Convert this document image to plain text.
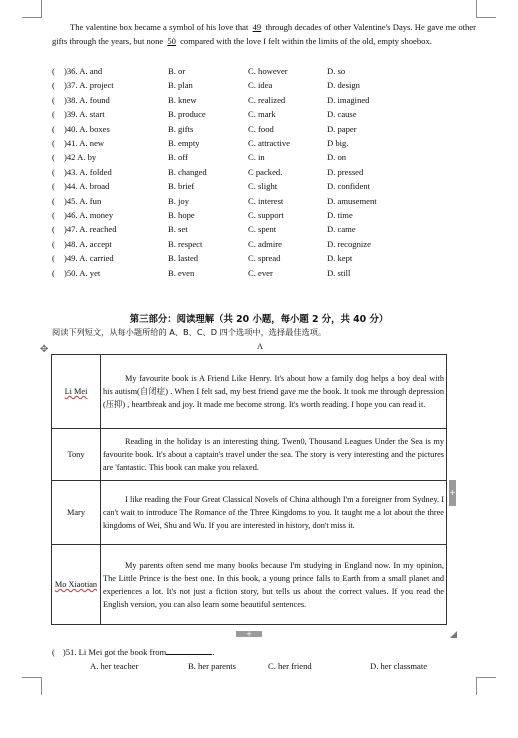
The valentine box became a symbol of his love that 49 through decades of other Valentine's Days. He gave me other gifts through the years, but none 50 compared with the love I felt within the limits of the old, empty shoebox.
( )36. A. and	B. or	C. however	D. so
( )37. A. project	B. plan	C. idea	D. design
( )38. A. found	B. knew	C. realized	D. imagined
( )39. A. start	B. produce	C. mark	D. cause
( )40. A. boxes	B. gifts	C. food	D. paper
( )41. A. new	B. empty	C. attractive	D big.
( )42 A. by	B. off	C. in	D. on
( )43. A. folded	B. changed	C packed.	D. pressed
( )44. A. broad	B. brief	C. slight	D. confident
( )45. A. fun	B. joy	C. interest	D. amusement
( )46. A. money	B. hope	C. support	D. time
( )47. A. reached	B. set	C. spent	D. came
( )48. A. accept	B. respect	C. admire	D. recognize
( )49. A. carried	B. lasted	C. spread	D. kept
( )50. A. yet	B. even	C. ever	D. still
第三部分：阅读理解（共 20 小题，每小题 2 分，共 40 分）
阅读下列短文，从每小题所给的 A、B、C、D 四个选项中，选择最佳选项。
A
✥
Li Mei	My favourite book is A Friend Like Henry. It's about how a family dog helps a boy deal with his autism(自闭症) . When I felt sad, my best friend gave me the book. It took me through depression (压抑) , heartbreak and joy. It made me become strong. It's worth reading. I hope you can read it.
Tony	Reading in the holiday is an interesting thing. Twen0, Thousand Leagues Under the Sea is my favourite book. It's about a captain's travel under the sea. The story is very interesting and the pictures are 'fantastic. This book can make you relaxed.
Mary	I like reading the Four Great Classical Novels of China although I'm a foreigner from Sydney. I can't wait to introduce The Romance of the Three Kingdoms to you. It taught me a lot about the three kingdoms of Wei, Shu and Wu. If you are interested in history, don't miss it.
Mo Xiaotian	My parents often send me many books because I'm studying in England now. In my opinion, The Little Prince is the best one. In this book, a young prince falls to Earth from a small planet and experiences a lot. It's not just a fiction story, but tells us about the correct values. If you read the English version, you can also learn some beautiful sentences.
+
+
( )51. Li Mei got the book from	.
A. her teacher	B. her parents	C. her friend	D. her classmate
